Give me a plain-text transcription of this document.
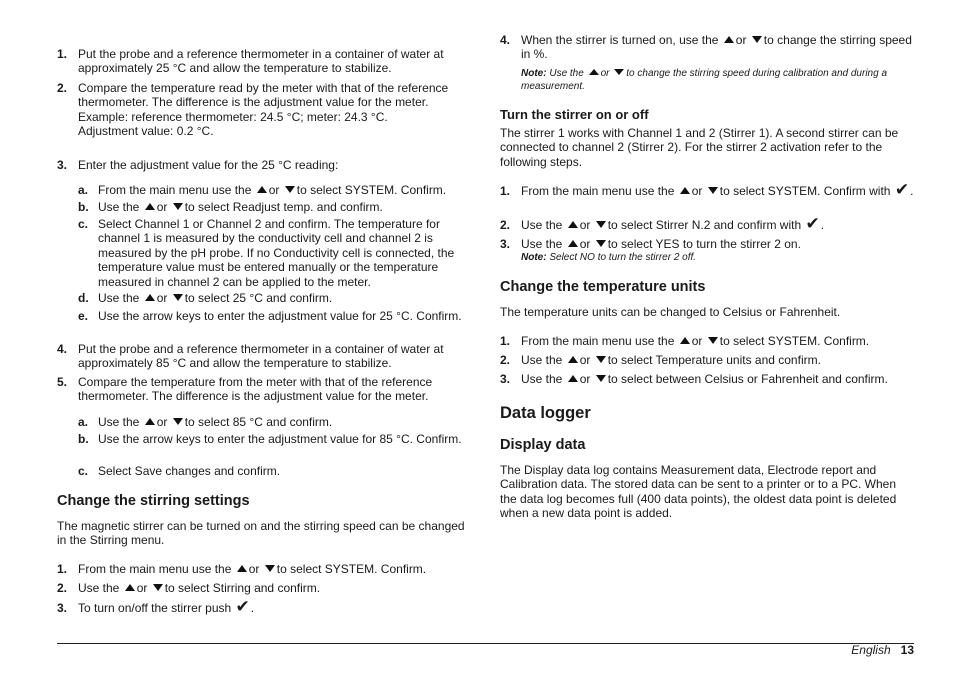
1. Put the probe and a reference thermometer in a container of water at approximately 25 °C and allow the temperature to stabilize.
2. Compare the temperature read by the meter with that of the reference thermometer. The difference is the adjustment value for the meter.
Example: reference thermometer: 24.5 °C; meter: 24.3 °C.
Adjustment value: 0.2 °C.
3. Enter the adjustment value for the 25 °C reading:
a. From the main menu use the or to select SYSTEM. Confirm.
b. Use the or to select Readjust temp. and confirm.
c. Select Channel 1 or Channel 2 and confirm. The temperature for channel 1 is measured by the conductivity cell and channel 2 is measured by the pH probe. If no Conductivity cell is connected, the temperature value must be entered manually or the temperature measured in channel 2 can be applied to the meter.
d. Use the or to select 25 °C and confirm.
e. Use the arrow keys to enter the adjustment value for 25 °C. Confirm.
4. Put the probe and a reference thermometer in a container of water at approximately 85 °C and allow the temperature to stabilize.
5. Compare the temperature from the meter with that of the reference thermometer. The difference is the adjustment value for the meter.
a. Use the or to select 85 °C and confirm.
b. Use the arrow keys to enter the adjustment value for 85 °C. Confirm.
c. Select Save changes and confirm.
Change the stirring settings
The magnetic stirrer can be turned on and the stirring speed can be changed in the Stirring menu.
1. From the main menu use the or to select SYSTEM. Confirm.
2. Use the or to select Stirring and confirm.
3. To turn on/off the stirrer push ✔.
4. When the stirrer is turned on, use the or to change the stirring speed in %.
Note: Use the or to change the stirring speed during calibration and during a measurement.
Turn the stirrer on or off
The stirrer 1 works with Channel 1 and 2 (Stirrer 1). A second stirrer can be connected to channel 2 (Stirrer 2). For the stirrer 2 activation refer to the following steps.
1. From the main menu use the or to select SYSTEM. Confirm with ✔.
2. Use the or to select Stirrer N.2 and confirm with ✔.
3. Use the or to select YES to turn the stirrer 2 on.
Note: Select NO to turn the stirrer 2 off.
Change the temperature units
The temperature units can be changed to Celsius or Fahrenheit.
1. From the main menu use the or to select SYSTEM. Confirm.
2. Use the or to select Temperature units and confirm.
3. Use the or to select between Celsius or Fahrenheit and confirm.
Data logger
Display data
The Display data log contains Measurement data, Electrode report and Calibration data. The stored data can be sent to a printer or to a PC. When the data log becomes full (400 data points), the oldest data point is deleted when a new data point is added.
English 13
